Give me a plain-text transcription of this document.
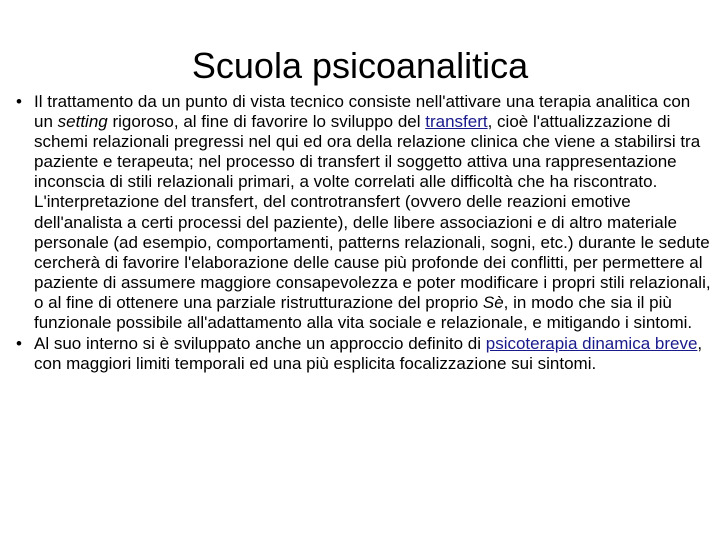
Scuola psicoanalitica
• Il trattamento da un punto di vista tecnico consiste nell'attivare una terapia analitica con un setting rigoroso, al fine di favorire lo sviluppo del transfert, cioè l'attualizzazione di schemi relazionali pregressi nel qui ed ora della relazione clinica che viene a stabilirsi tra paziente e terapeuta; nel processo di transfert il soggetto attiva una rappresentazione inconscia di stili relazionali primari, a volte correlati alle difficoltà che ha riscontrato. L'interpretazione del transfert, del controtransfert (ovvero delle reazioni emotive dell'analista a certi processi del paziente), delle libere associazioni e di altro materiale personale (ad esempio, comportamenti, patterns relazionali, sogni, etc.) durante le sedute cercherà di favorire l'elaborazione delle cause più profonde dei conflitti, per permettere al paziente di assumere maggiore consapevolezza e poter modificare i propri stili relazionali, o al fine di ottenere una parziale ristrutturazione del proprio Sè, in modo che sia il più funzionale possibile all'adattamento alla vita sociale e relazionale, e mitigando i sintomi.
• Al suo interno si è sviluppato anche un approccio definito di psicoterapia dinamica breve, con maggiori limiti temporali ed una più esplicita focalizzazione sui sintomi.
